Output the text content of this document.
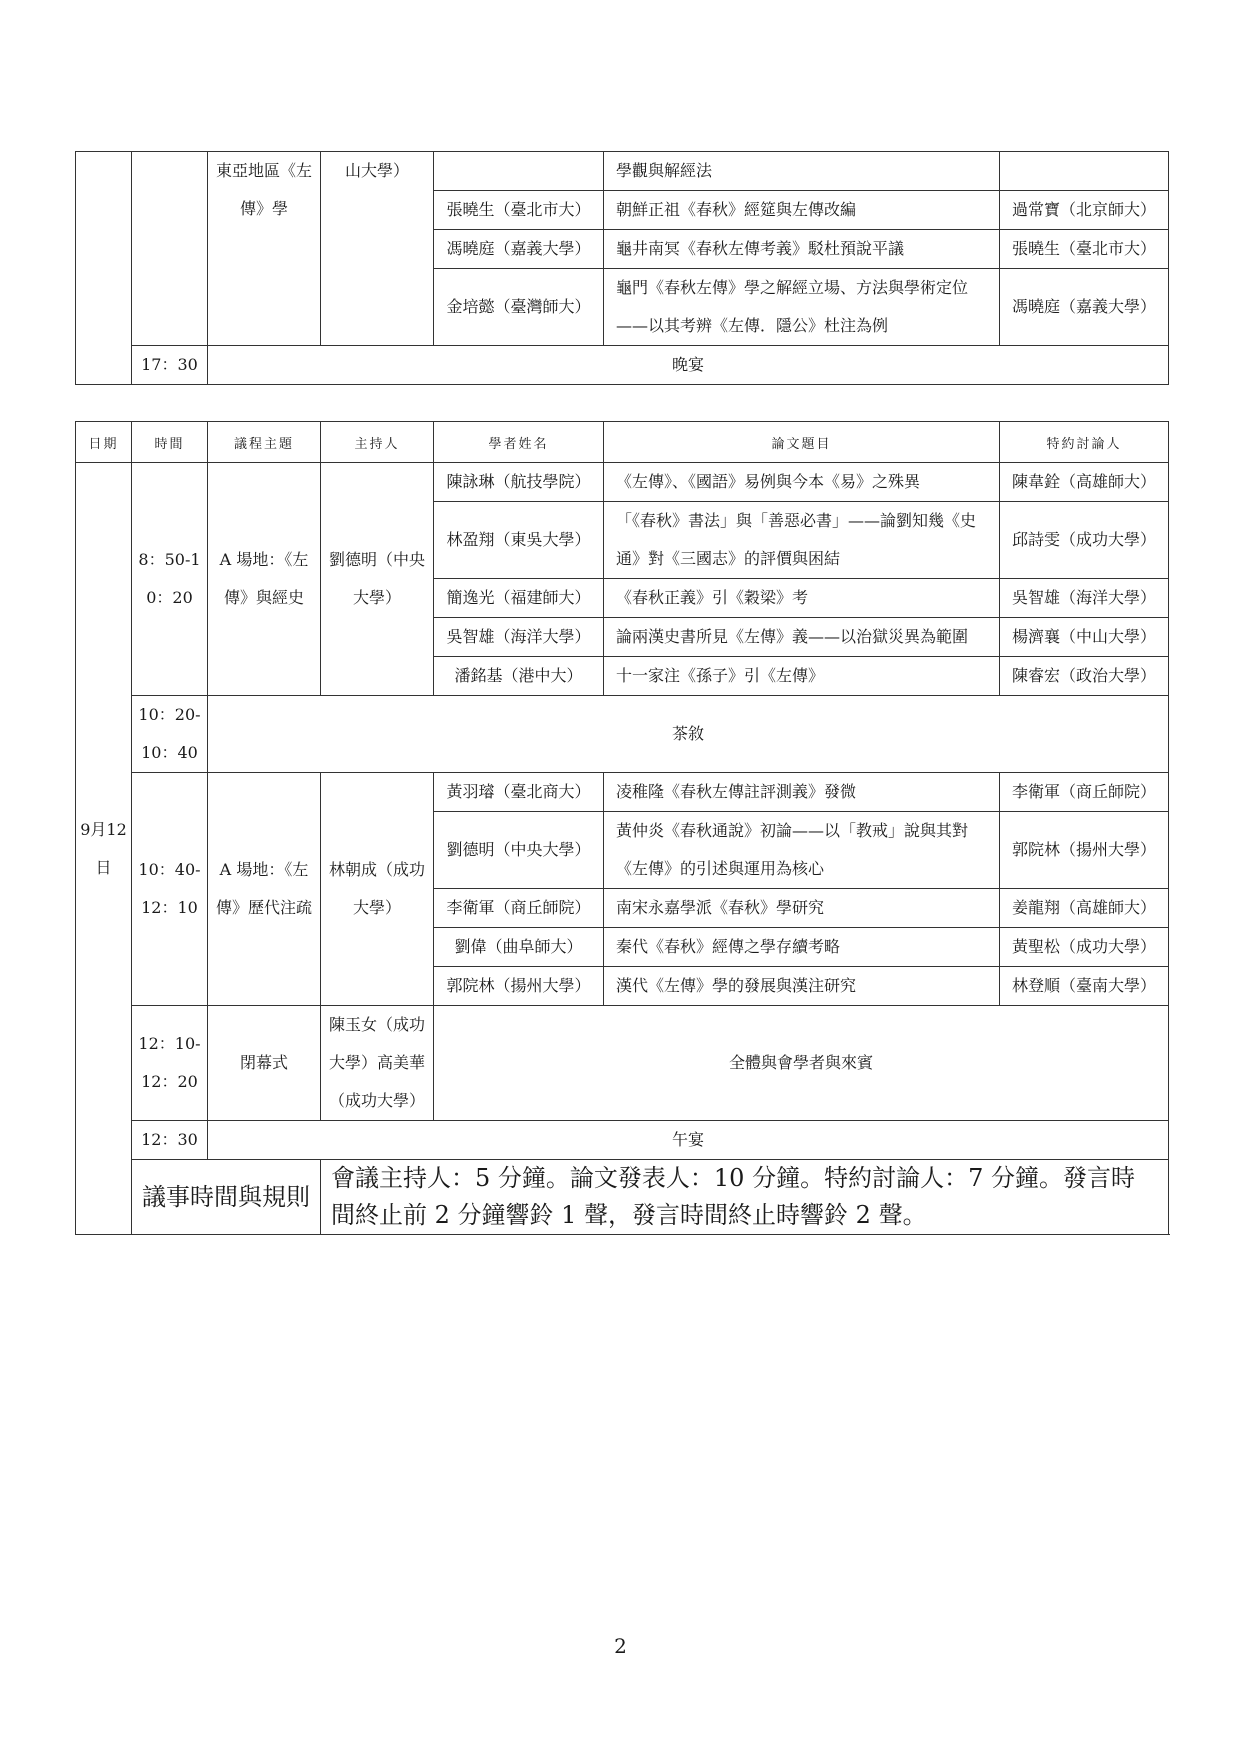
		東亞地區《左傳》學	山大學）		學觀與解經法	
				張曉生（臺北市大）	朝鮮正祖《春秋》經筵與左傳改編	過常寶（北京師大）
				馮曉庭（嘉義大學）	龜井南冥《春秋左傳考義》駁杜預說平議	張曉生（臺北市大）
				金培懿（臺灣師大）	龜門《春秋左傳》學之解經立場、方法與學術定位——以其考辨《左傳．隱公》杜注為例	馮曉庭（嘉義大學）
	17：30	晚宴				
日期	時間	議程主題	主持人	學者姓名	論文題目	特約討論人
9月12日	8：50-10：20	A 場地：《左傳》與經史	劉德明（中央大學）	陳詠琳（航技學院）	《左傳》、《國語》易例與今本《易》之殊異	陳韋銓（高雄師大）
				林盈翔（東吳大學）	「《春秋》書法」與「善惡必書」——論劉知幾《史通》對《三國志》的評價與困結	邱詩雯（成功大學）
				簡逸光（福建師大）	《春秋正義》引《穀梁》考	吳智雄（海洋大學）
				吳智雄（海洋大學）	論兩漢史書所見《左傳》義——以治獄災異為範圍	楊濟襄（中山大學）
				潘銘基（港中大）	十一家注《孫子》引《左傳》	陳睿宏（政治大學）
	10：20-10：40	茶敘				
	10：40-12：10	A 場地：《左傳》歷代注疏	林朝成（成功大學）	黃羽璿（臺北商大）	凌稚隆《春秋左傳註評測義》發微	李衛軍（商丘師院）
				劉德明（中央大學）	黃仲炎《春秋通說》初論——以「教戒」說與其對《左傳》的引述與運用為核心	郭院林（揚州大學）
				李衛軍（商丘師院）	南宋永嘉學派《春秋》學研究	姜龍翔（高雄師大）
				劉偉（曲阜師大）	秦代《春秋》經傳之學存續考略	黃聖松（成功大學）
				郭院林（揚州大學）	漢代《左傳》學的發展與漢注研究	林登順（臺南大學）
	12：10-12：20	閉幕式	陳玉女（成功大學）高美華（成功大學）	全體與會學者與來賓		
	12：30	午宴				
	議事時間與規則		會議主持人：5 分鐘。論文發表人：10 分鐘。特約討論人：7 分鐘。發言時間終止前 2 分鐘響鈴 1 聲，發言時間終止時響鈴 2 聲。			
2
